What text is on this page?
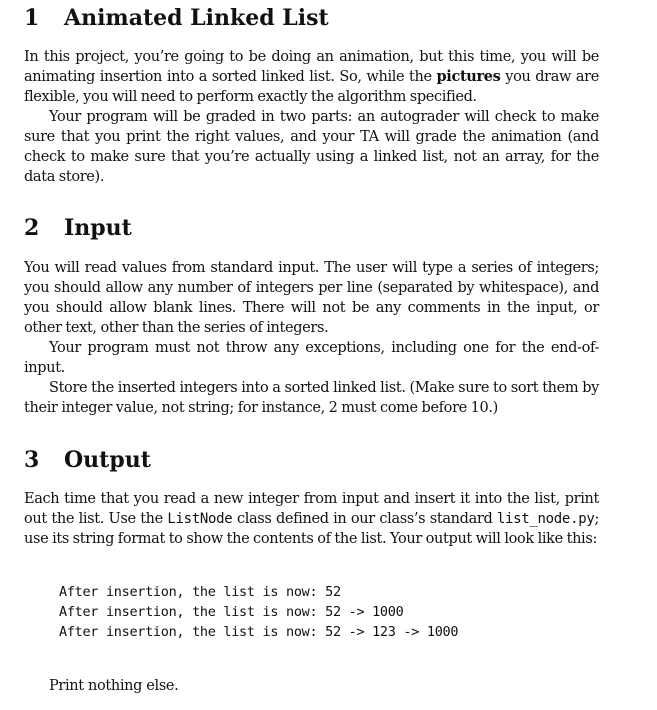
1 Animated Linked List

In this project, you’re going to be doing an animation, but this time, you will be animating insertion into a sorted linked list. So, while the pictures you draw are flexible, you will need to perform exactly the algorithm specified.

Your program will be graded in two parts: an autograder will check to make sure that you print the right values, and your TA will grade the animation (and check to make sure that you’re actually using a linked list, not an array, for the data store).

2 Input

You will read values from standard input. The user will type a series of integers; you should allow any number of integers per line (separated by whitespace), and you should allow blank lines. There will not be any comments in the input, or other text, other than the series of integers.

Your program must not throw any exceptions, including one for the end-of-input.

Store the inserted integers into a sorted linked list. (Make sure to sort them by their integer value, not string; for instance, 2 must come before 10.)

3 Output

Each time that you read a new integer from input and insert it into the list, print out the list. Use the ListNode class defined in our class’s standard list_node.py; use its string format to show the contents of the list. Your output will look like this:

After insertion, the list is now: 52
After insertion, the list is now: 52 -> 1000
After insertion, the list is now: 52 -> 123 -> 1000

Print nothing else.
